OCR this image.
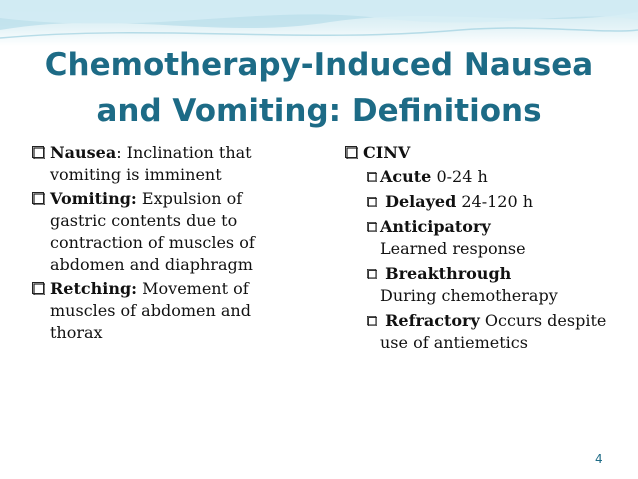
Chemotherapy-Induced Nausea
and Vomiting: Definitions
Nausea: Inclination that vomiting is imminent
Vomiting: Expulsion of gastric contents due to contraction of muscles of abdomen and diaphragm
Retching: Movement of muscles of abdomen and thorax
CINV
Acute 0-24 h
Delayed 24-120 h
Anticipatory
Learned response
Breakthrough
During chemotherapy
Refractory Occurs despite use of antiemetics
4
